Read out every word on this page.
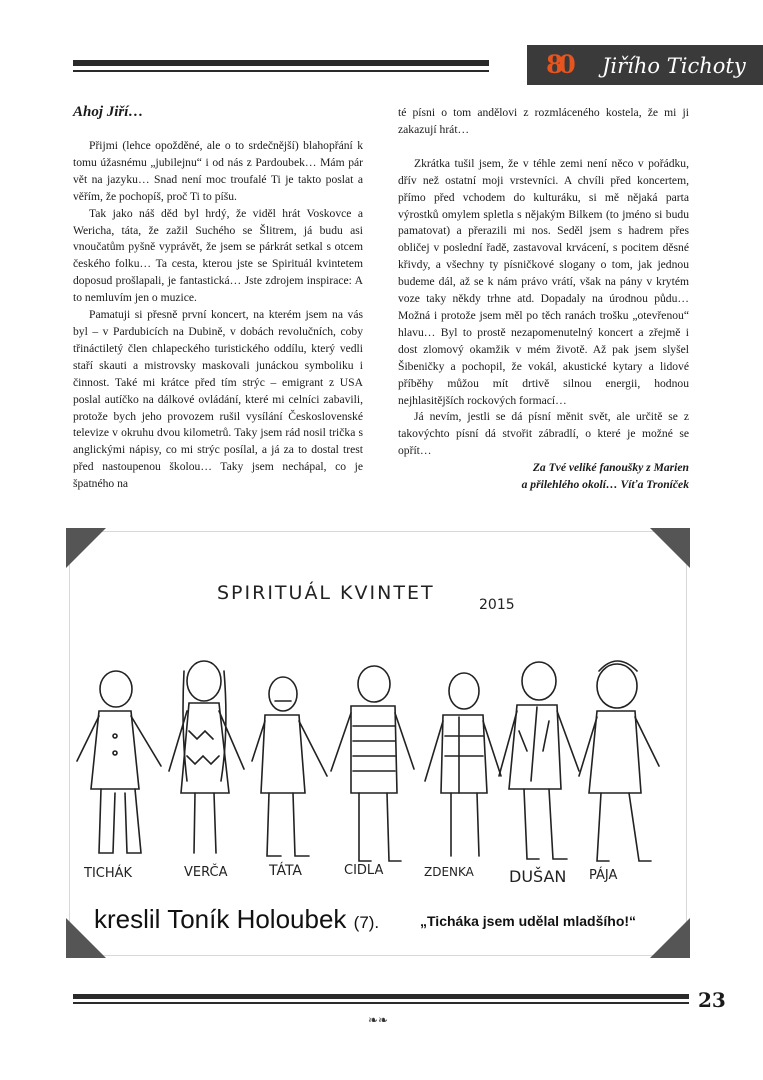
80 Jiřího Tichoty
Ahoj Jiří…

Přijmi (lehce opožděné, ale o to srdečnější) blahopřání k tomu úžasnému „jubilejnu“ i od nás z Pardoubek… Mám pár vět na jazyku… Snad není moc troufalé Ti je takto poslat a věřím, že pochopíš, proč Ti to píšu.

Tak jako náš děd byl hrdý, že viděl hrát Voskovce a Wericha, táta, že zažil Suchého se Šlitrem, já budu asi vnoučatům pyšně vyprávět, že jsem se párkrát setkal s otcem českého folku… Ta cesta, kterou jste se Spirituál kvintetem doposud prošlapali, je fantastická… Jste zdrojem inspirace: A to nemluvím jen o muzice.

Pamatuji si přesně první koncert, na kterém jsem na vás byl – v Pardubicích na Dubině, v dobách revolučních, coby třináctiletý člen chlapeckého turistického oddílu, který vedli staří skauti a mistrovsky maskovali junáckou symboliku i činnost. Také mi krátce před tím strýc – emigrant z USA poslal autíčko na dálkové ovládání, které mi celníci zabavili, protože bych jeho provozem rušil vysílání Československé televize v okruhu dvou kilometrů. Taky jsem rád nosil trička s anglickými nápisy, co mi strýc posílal, a já za to dostal trest před nastoupenou školou… Taky jsem nechápal, co je špatného na

té písni o tom andělovi z rozmláceného kostela, že mi ji zakazují hrát…

Zkrátka tušil jsem, že v téhle zemi není něco v pořádku, dřív než ostatní moji vrstevníci. A chvíli před koncertem, přímo před vchodem do kulturáku, si mě nějaká parta výrostků omylem spletla s nějakým Bilkem (to jméno si budu pamatovat) a přerazili mi nos. Seděl jsem s hadrem přes obličej v poslední řadě, zastavoval krvácení, s pocitem děsné křivdy, a všechny ty písničkové slogany o tom, jak jednou budeme dál, až se k nám právo vrátí, však na pány v krytém voze taky někdy trhne atd. Dopadaly na úrodnou půdu… Možná i protože jsem měl po těch ranách trošku „otevřenou“ hlavu… Byl to prostě nezapomenutelný koncert a zřejmě i dost zlomový okamžik v mém životě. Až pak jsem slyšel Šibeničky a pochopil, že vokál, akustické kytary a lidové příběhy můžou mít drtivě silnou energii, hodnou nejhlasitějších rockových formací…

Já nevím, jestli se dá písní měnit svět, ale určitě se z takovýchto písní dá stvořit zábradlí, o které je možné se opřít…

Za Tvé veliké fanoušky z Marien

a přilehlého okolí… Víťa Troníček

SPIRITUÁL KVINTET
2015
TICHÁK	VERČA	TÁTA	CIDLA	ZDENKA DUŠAN PÁJA
kreslil Toník Holoubek (7).	„Ticháka jsem udělal mladšího!“
23
❧❧
